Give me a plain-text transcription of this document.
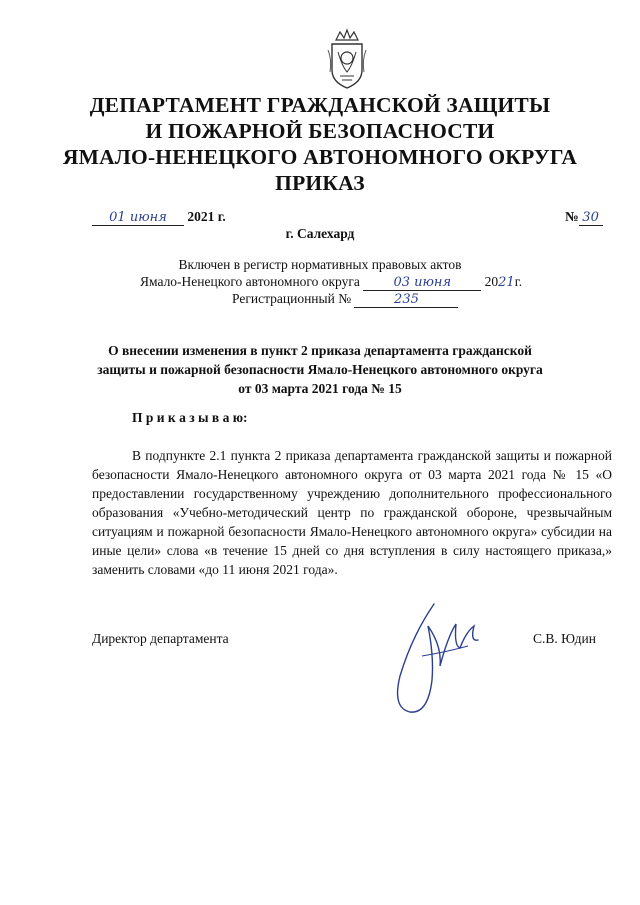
ДЕПАРТАМЕНТ ГРАЖДАНСКОЙ ЗАЩИТЫ
И ПОЖАРНОЙ БЕЗОПАСНОСТИ
ЯМАЛО-НЕНЕЦКОГО АВТОНОМНОГО ОКРУГА
ПРИКАЗ
01 июня 2021 г.	№ 30
г. Салехард
Включен в регистр нормативных правовых актов
Ямало-Ненецкого автономного округа	03 июня 2021г.
Регистрационный №	235
О внесении изменения в пункт 2 приказа департамента гражданской
защиты и пожарной безопасности Ямало-Ненецкого автономного округа
от 03 марта 2021 года № 15
П р и к а з ы в а ю:
В подпункте 2.1 пункта 2 приказа департамента гражданской защиты и пожарной безопасности Ямало-Ненецкого автономного округа от 03 марта 2021 года № 15 «О предоставлении государственному учреждению дополнительного профессионального образования «Учебно-методический центр по гражданской обороне, чрезвычайным ситуациям и пожарной безопасности Ямало-Ненецкого автономного округа» субсидии на иные цели» слова «в течение 15 дней со дня вступления в силу настоящего приказа,» заменить словами «до 11 июня 2021 года».
Директор департамента	С.В. Юдин
